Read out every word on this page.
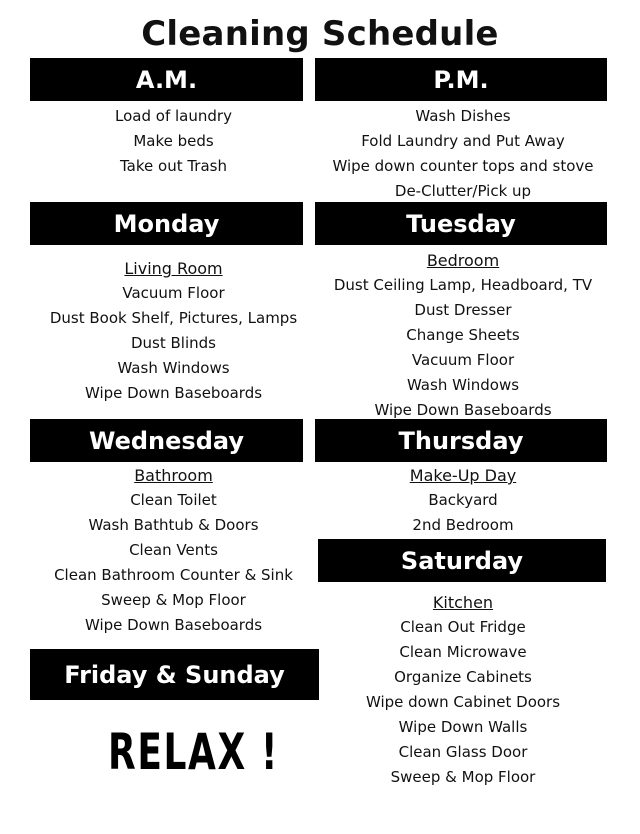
Cleaning Schedule
A.M.
Load of laundry
Make beds
Take out Trash
P.M.
Wash Dishes
Fold Laundry and Put Away
Wipe down counter tops and stove
De-Clutter/Pick up
Monday
Living Room
Vacuum Floor
Dust Book Shelf, Pictures, Lamps
Dust Blinds
Wash Windows
Wipe Down Baseboards
Tuesday
Bedroom
Dust Ceiling Lamp, Headboard, TV
Dust Dresser
Change Sheets
Vacuum Floor
Wash Windows
Wipe Down Baseboards
Wednesday
Bathroom
Clean Toilet
Wash Bathtub & Doors
Clean Vents
Clean Bathroom Counter & Sink
Sweep & Mop Floor
Wipe Down Baseboards
Thursday
Make-Up Day
Backyard
2nd Bedroom
Saturday
Kitchen
Clean Out Fridge
Clean Microwave
Organize Cabinets
Wipe down Cabinet Doors
Wipe Down Walls
Clean Glass Door
Sweep & Mop Floor
Friday & Sunday
RELAX !
